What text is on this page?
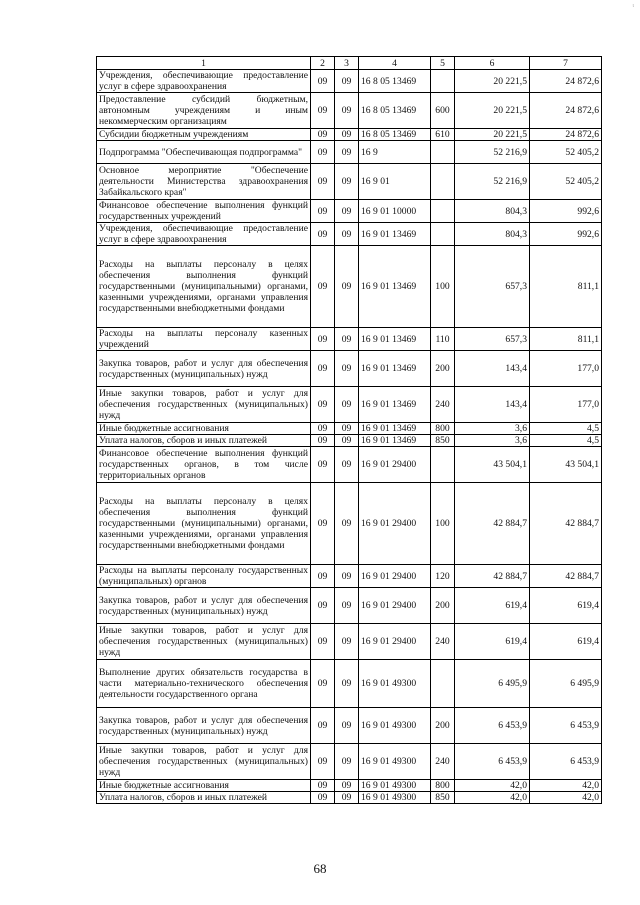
ᵗ
1	2	3	4	5	6	7
Учреждения, обеспечивающие предоставление услуг в сфере здравоохранения	09	09	16 8 05 13469		20 221,5	24 872,6
Предоставление субсидий бюджетным, автономным учреждениям и иным некоммерческим организациям	09	09	16 8 05 13469	600	20 221,5	24 872,6
Субсидии бюджетным учреждениям	09	09	16 8 05 13469	610	20 221,5	24 872,6
Подпрограмма "Обеспечивающая подпрограмма"	09	09	16 9		52 216,9	52 405,2
Основное мероприятие "Обеспечение деятельности Министерства здравоохранения Забайкальского края"	09	09	16 9 01		52 216,9	52 405,2
Финансовое обеспечение выполнения функций государственных учреждений	09	09	16 9 01 10000		804,3	992,6
Учреждения, обеспечивающие предоставление услуг в сфере здравоохранения	09	09	16 9 01 13469		804,3	992,6
Расходы на выплаты персоналу в целях обеспечения выполнения функций государственными (муниципальными) органами, казенными учреждениями, органами управления государственными внебюджетными фондами	09	09	16 9 01 13469	100	657,3	811,1
Расходы на выплаты персоналу казенных учреждений	09	09	16 9 01 13469	110	657,3	811,1
Закупка товаров, работ и услуг для обеспечения государственных (муниципальных) нужд	09	09	16 9 01 13469	200	143,4	177,0
Иные закупки товаров, работ и услуг для обеспечения государственных (муниципальных) нужд	09	09	16 9 01 13469	240	143,4	177,0
Иные бюджетные ассигнования	09	09	16 9 01 13469	800	3,6	4,5
Уплата налогов, сборов и иных платежей	09	09	16 9 01 13469	850	3,6	4,5
Финансовое обеспечение выполнения функций государственных органов, в том числе территориальных органов	09	09	16 9 01 29400		43 504,1	43 504,1
Расходы на выплаты персоналу в целях обеспечения выполнения функций государственными (муниципальными) органами, казенными учреждениями, органами управления государственными внебюджетными фондами	09	09	16 9 01 29400	100	42 884,7	42 884,7
Расходы на выплаты персоналу государственных (муниципальных) органов	09	09	16 9 01 29400	120	42 884,7	42 884,7
Закупка товаров, работ и услуг для обеспечения государственных (муниципальных) нужд	09	09	16 9 01 29400	200	619,4	619,4
Иные закупки товаров, работ и услуг для обеспечения государственных (муниципальных) нужд	09	09	16 9 01 29400	240	619,4	619,4
Выполнение других обязательств государства в части материально-технического обеспечения деятельности государственного органа	09	09	16 9 01 49300		6 495,9	6 495,9
Закупка товаров, работ и услуг для обеспечения государственных (муниципальных) нужд	09	09	16 9 01 49300	200	6 453,9	6 453,9
Иные закупки товаров, работ и услуг для обеспечения государственных (муниципальных) нужд	09	09	16 9 01 49300	240	6 453,9	6 453,9
Иные бюджетные ассигнования	09	09	16 9 01 49300	800	42,0	42,0
Уплата налогов, сборов и иных платежей	09	09	16 9 01 49300	850	42,0	42,0
68
